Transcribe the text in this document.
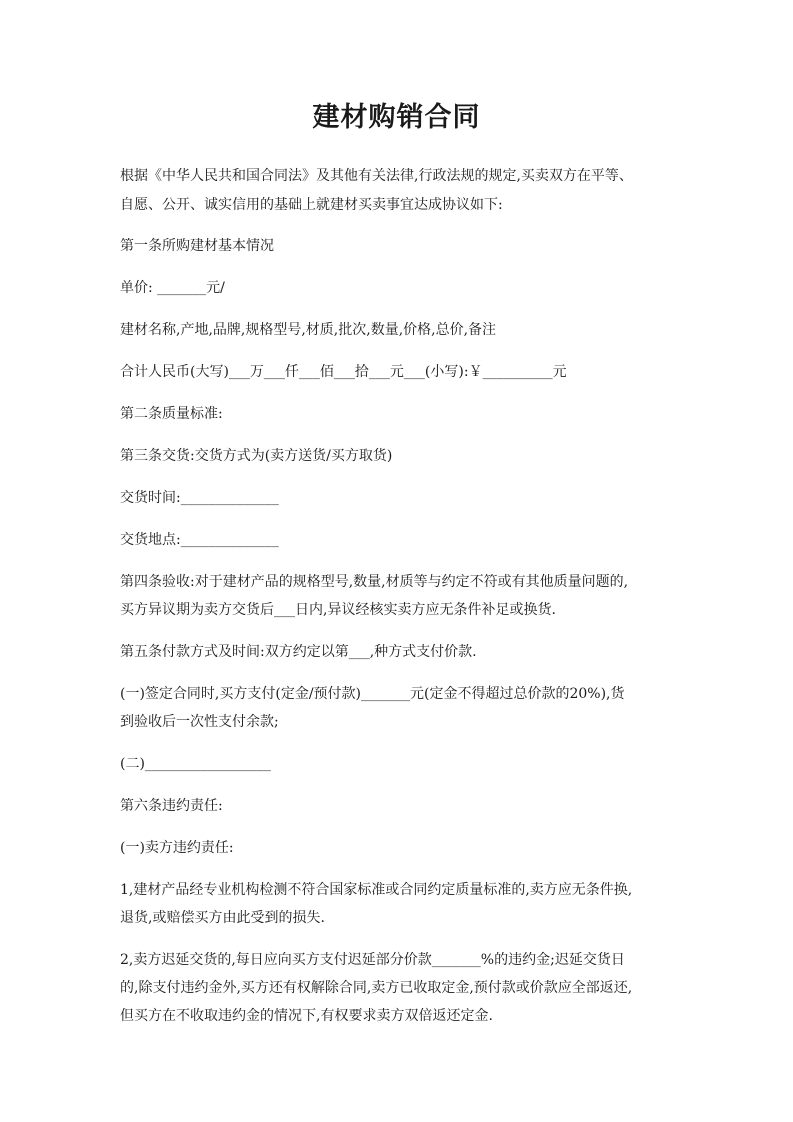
建材购销合同
根据《中华人民共和国合同法》及其他有关法律,行政法规的规定,买卖双方在平等、
自愿、公开、诚实信用的基础上就建材买卖事宜达成协议如下:
第一条所购建材基本情况
单价: _______元/
建材名称,产地,品牌,规格型号,材质,批次,数量,价格,总价,备注
合计人民币(大写)___万___仟___佰___拾___元___(小写):￥__________元
第二条质量标准:
第三条交货:交货方式为(卖方送货/买方取货)
交货时间:______________
交货地点:______________
第四条验收:对于建材产品的规格型号,数量,材质等与约定不符或有其他质量问题的,
买方异议期为卖方交货后___日内,异议经核实卖方应无条件补足或换货.
第五条付款方式及时间:双方约定以第___,种方式支付价款.
(一)签定合同时,买方支付(定金/预付款)_______元(定金不得超过总价款的20%),货
到验收后一次性支付余款;
(二)__________________
第六条违约责任:
(一)卖方违约责任:
1,建材产品经专业机构检测不符合国家标准或合同约定质量标准的,卖方应无条件换,
退货,或赔偿买方由此受到的损失.
2,卖方迟延交货的,每日应向买方支付迟延部分价款_______%的违约金;迟延交货日
的,除支付违约金外,买方还有权解除合同,卖方已收取定金,预付款或价款应全部返还,
但买方在不收取违约金的情况下,有权要求卖方双倍返还定金.
